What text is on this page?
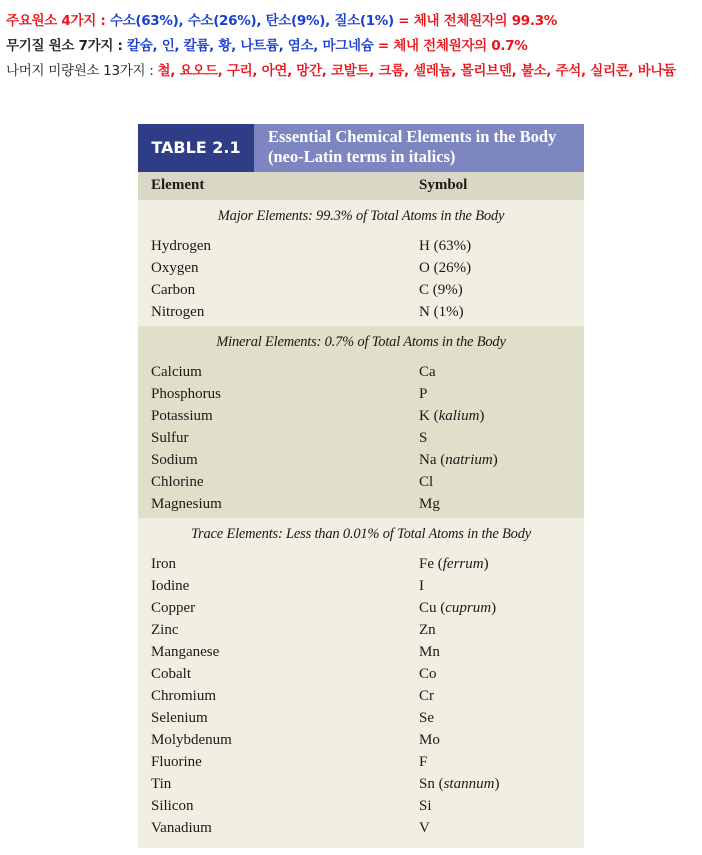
주요원소 4가지 : 수소(63%), 수소(26%), 탄소(9%), 질소(1%) = 체내 전체원자의 99.3%
무기질 원소 7가지 : 칼슘, 인, 칼륨, 황, 나트륨, 염소, 마그네슘 = 체내 전체원자의 0.7%
나머지 미량원소 13가지 : 철, 요오드, 구리, 아연, 망간, 코발트, 크롬, 셀레늄, 몰리브덴, 불소, 주석, 실리콘, 바나듐
TABLE 2.1
Essential Chemical Elements in the Body (neo-Latin terms in italics)
Element	Symbol
Major Elements: 99.3% of Total Atoms in the Body
Hydrogen	H (63%)
Oxygen	O (26%)
Carbon	C (9%)
Nitrogen	N (1%)
Mineral Elements: 0.7% of Total Atoms in the Body
Calcium	Ca
Phosphorus	P
Potassium	K (kalium)
Sulfur	S
Sodium	Na (natrium)
Chlorine	Cl
Magnesium	Mg
Trace Elements: Less than 0.01% of Total Atoms in the Body
Iron	Fe (ferrum)
Iodine	I
Copper	Cu (cuprum)
Zinc	Zn
Manganese	Mn
Cobalt	Co
Chromium	Cr
Selenium	Se
Molybdenum	Mo
Fluorine	F
Tin	Sn (stannum)
Silicon	Si
Vanadium	V
